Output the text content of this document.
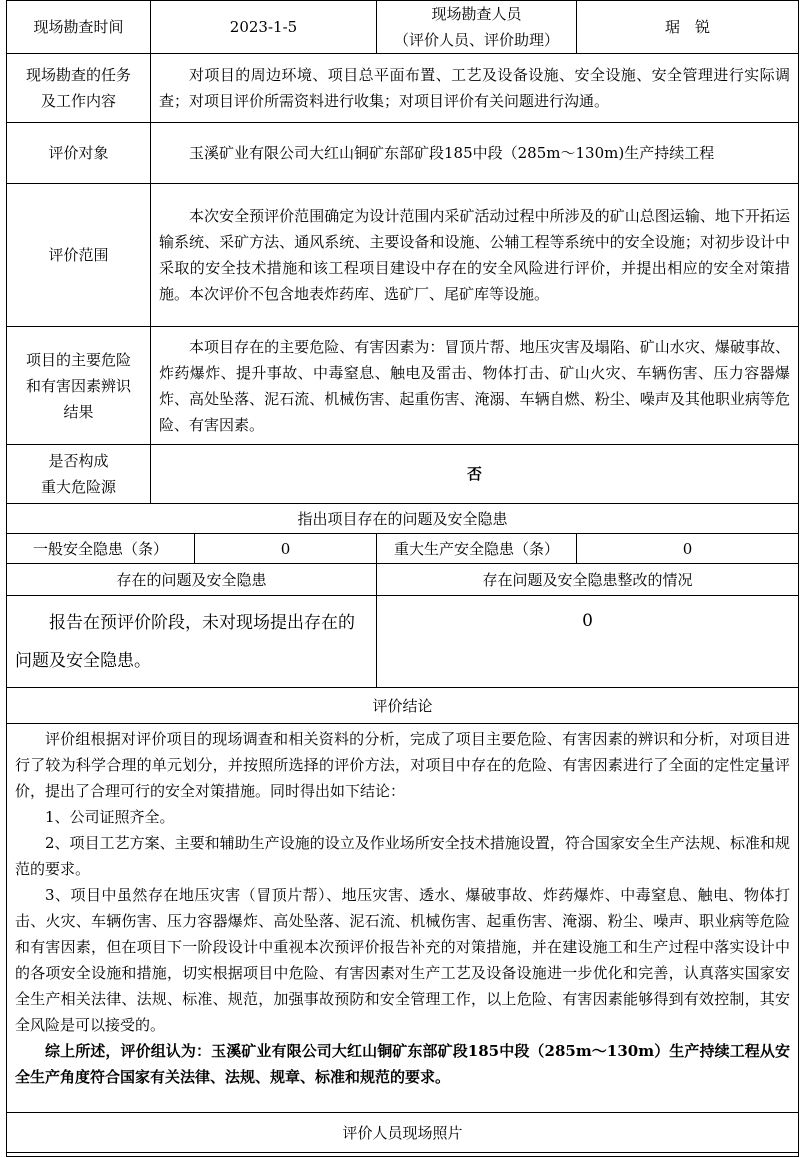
现场勘查时间	2023-1-5		现场勘查人员
（评价人员、评价助理）	琚　锐

现场勘查的任务
及工作内容	对项目的周边环境、项目总平面布置、工艺及设备设施、安全设施、安全管理进行实际调查；对项目评价所需资料进行收集；对项目评价有关问题进行沟通。			
评价对象	玉溪矿业有限公司大红山铜矿东部矿段185中段（285m～130m)生产持续工程			
评价范围	本次安全预评价范围确定为设计范围内采矿活动过程中所涉及的矿山总图运输、地下开拓运输系统、采矿方法、通风系统、主要设备和设施、公辅工程等系统中的安全设施；对初步设计中采取的安全技术措施和该工程项目建设中存在的安全风险进行评价，并提出相应的安全对策措施。本次评价不包含地表炸药库、选矿厂、尾矿库等设施。			

项目的主要危险
和有害因素辨识
结果	本项目存在的主要危险、有害因素为：冒顶片帮、地压灾害及塌陷、矿山水灾、爆破事故、炸药爆炸、提升事故、中毒窒息、触电及雷击、物体打击、矿山火灾、车辆伤害、压力容器爆炸、高处坠落、泥石流、机械伤害、起重伤害、淹溺、车辆自燃、粉尘、噪声及其他职业病等危险、有害因素。			

是否构成
重大危险源	否			
指出项目存在的问题及安全隐患				
一般安全隐患（条）		0	重大生产安全隐患（条）	0
存在的问题及安全隐患			存在问题及安全隐患整改的情况	
报告在预评价阶段，未对现场提出存在的问题及安全隐患。			0	
评价结论				

评价组根据对评价项目的现场调查和相关资料的分析，完成了项目主要危险、有害因素的辨识和分析，对项目进行了较为科学合理的单元划分，并按照所选择的评价方法，对项目中存在的危险、有害因素进行了全面的定性定量评价，提出了合理可行的安全对策措施。同时得出如下结论：

1、公司证照齐全。

2、项目工艺方案、主要和辅助生产设施的设立及作业场所安全技术措施设置，符合国家安全生产法规、标准和规范的要求。

3、项目中虽然存在地压灾害（冒顶片帮）、地压灾害、透水、爆破事故、炸药爆炸、中毒窒息、触电、物体打击、火灾、车辆伤害、压力容器爆炸、高处坠落、泥石流、机械伤害、起重伤害、淹溺、粉尘、噪声、职业病等危险和有害因素，但在项目下一阶段设计中重视本次预评价报告补充的对策措施，并在建设施工和生产过程中落实设计中的各项安全设施和措施，切实根据项目中危险、有害因素对生产工艺及设备设施进一步优化和完善，认真落实国家安全生产相关法律、法规、标准、规范，加强事故预防和安全管理工作，以上危险、有害因素能够得到有效控制，其安全风险是可以接受的。

综上所述，评价组认为：玉溪矿业有限公司大红山铜矿东部矿段185中段（285m～130m）生产持续工程从安全生产角度符合国家有关法律、法规、规章、标准和规范的要求。				

评价人员现场照片				
